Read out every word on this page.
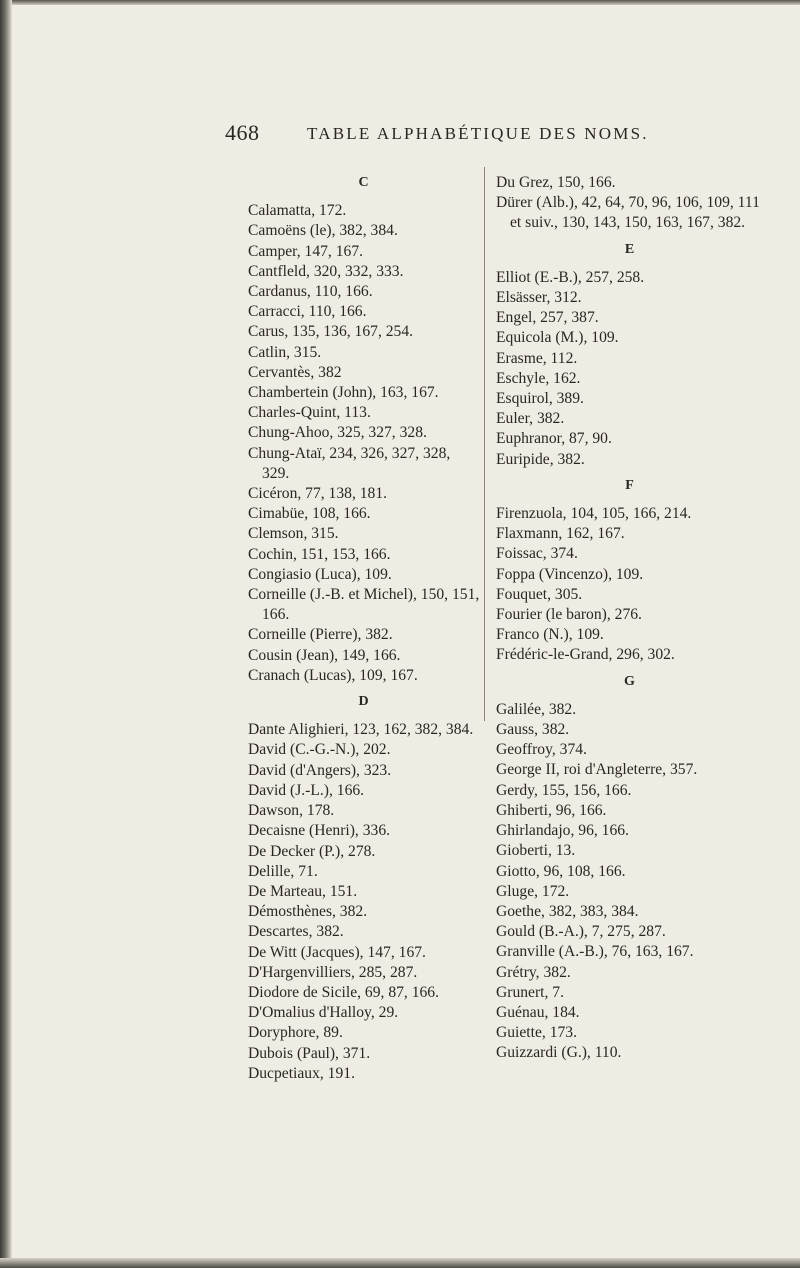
468	TABLE ALPHABÉTIQUE DES NOMS.
C
Calamatta, 172.
Camoëns (le), 382, 384.
Camper, 147, 167.
Cantfleld, 320, 332, 333.
Cardanus, 110, 166.
Carracci, 110, 166.
Carus, 135, 136, 167, 254.
Catlin, 315.
Cervantès, 382
Chambertein (John), 163, 167.
Charles-Quint, 113.
Chung-Ahoo, 325, 327, 328.
Chung-Ataï, 234, 326, 327, 328, 329.
Cicéron, 77, 138, 181.
Cimabüe, 108, 166.
Clemson, 315.
Cochin, 151, 153, 166.
Congiasio (Luca), 109.
Corneille (J.-B. et Michel), 150, 151, 166.
Corneille (Pierre), 382.
Cousin (Jean), 149, 166.
Cranach (Lucas), 109, 167.
D
Dante Alighieri, 123, 162, 382, 384.
David (C.-G.-N.), 202.
David (d'Angers), 323.
David (J.-L.), 166.
Dawson, 178.
Decaisne (Henri), 336.
De Decker (P.), 278.
Delille, 71.
De Marteau, 151.
Démosthènes, 382.
Descartes, 382.
De Witt (Jacques), 147, 167.
D'Hargenvilliers, 285, 287.
Diodore de Sicile, 69, 87, 166.
D'Omalius d'Halloy, 29.
Doryphore, 89.
Dubois (Paul), 371.
Ducpetiaux, 191.
Du Grez, 150, 166.
Dürer (Alb.), 42, 64, 70, 96, 106, 109, 111 et suiv., 130, 143, 150, 163, 167, 382.
E
Elliot (E.-B.), 257, 258.
Elsässer, 312.
Engel, 257, 387.
Equicola (M.), 109.
Erasme, 112.
Eschyle, 162.
Esquirol, 389.
Euler, 382.
Euphranor, 87, 90.
Euripide, 382.
F
Firenzuola, 104, 105, 166, 214.
Flaxmann, 162, 167.
Foissac, 374.
Foppa (Vincenzo), 109.
Fouquet, 305.
Fourier (le baron), 276.
Franco (N.), 109.
Frédéric-le-Grand, 296, 302.
G
Galilée, 382.
Gauss, 382.
Geoffroy, 374.
George II, roi d'Angleterre, 357.
Gerdy, 155, 156, 166.
Ghiberti, 96, 166.
Ghirlandajo, 96, 166.
Gioberti, 13.
Giotto, 96, 108, 166.
Gluge, 172.
Goethe, 382, 383, 384.
Gould (B.-A.), 7, 275, 287.
Granville (A.-B.), 76, 163, 167.
Grétry, 382.
Grunert, 7.
Guénau, 184.
Guiette, 173.
Guizzardi (G.), 110.
